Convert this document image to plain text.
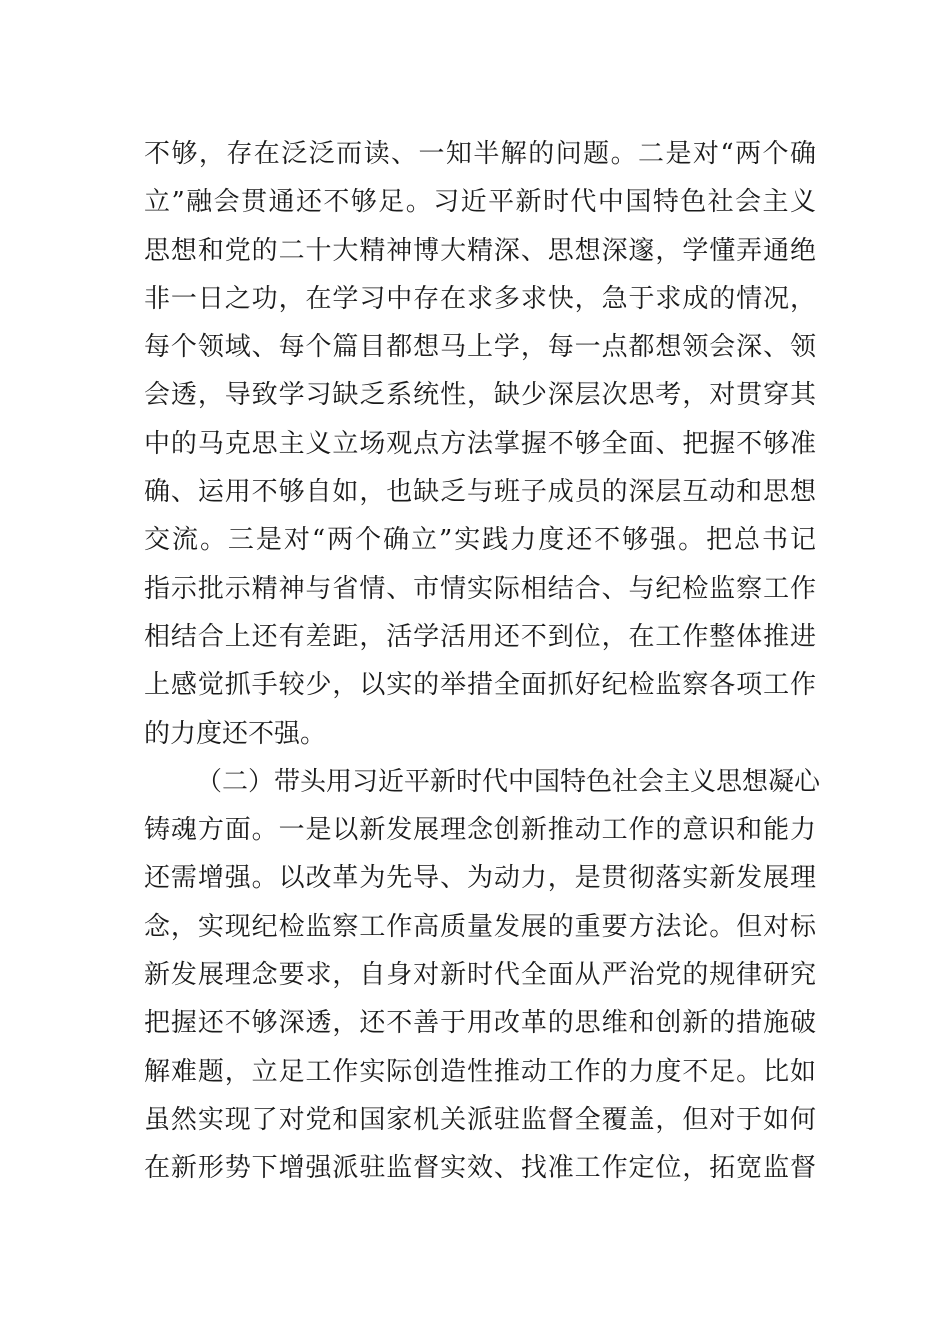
不够，存在泛泛而读、一知半解的问题。二是对“两个确
立”融会贯通还不够足。习近平新时代中国特色社会主义
思想和党的二十大精神博大精深、思想深邃，学懂弄通绝
非一日之功，在学习中存在求多求快，急于求成的情况，
每个领域、每个篇目都想马上学，每一点都想领会深、领
会透，导致学习缺乏系统性，缺少深层次思考，对贯穿其
中的马克思主义立场观点方法掌握不够全面、把握不够准
确、运用不够自如，也缺乏与班子成员的深层互动和思想
交流。三是对“两个确立”实践力度还不够强。把总书记
指示批示精神与省情、市情实际相结合、与纪检监察工作
相结合上还有差距，活学活用还不到位，在工作整体推进
上感觉抓手较少，以实的举措全面抓好纪检监察各项工作
的力度还不强。
（二）带头用习近平新时代中国特色社会主义思想凝心
铸魂方面。一是以新发展理念创新推动工作的意识和能力
还需增强。以改革为先导、为动力，是贯彻落实新发展理
念，实现纪检监察工作高质量发展的重要方法论。但对标
新发展理念要求，自身对新时代全面从严治党的规律研究
把握还不够深透，还不善于用改革的思维和创新的措施破
解难题，立足工作实际创造性推动工作的力度不足。比如
虽然实现了对党和国家机关派驻监督全覆盖，但对于如何
在新形势下增强派驻监督实效、找准工作定位，拓宽监督
